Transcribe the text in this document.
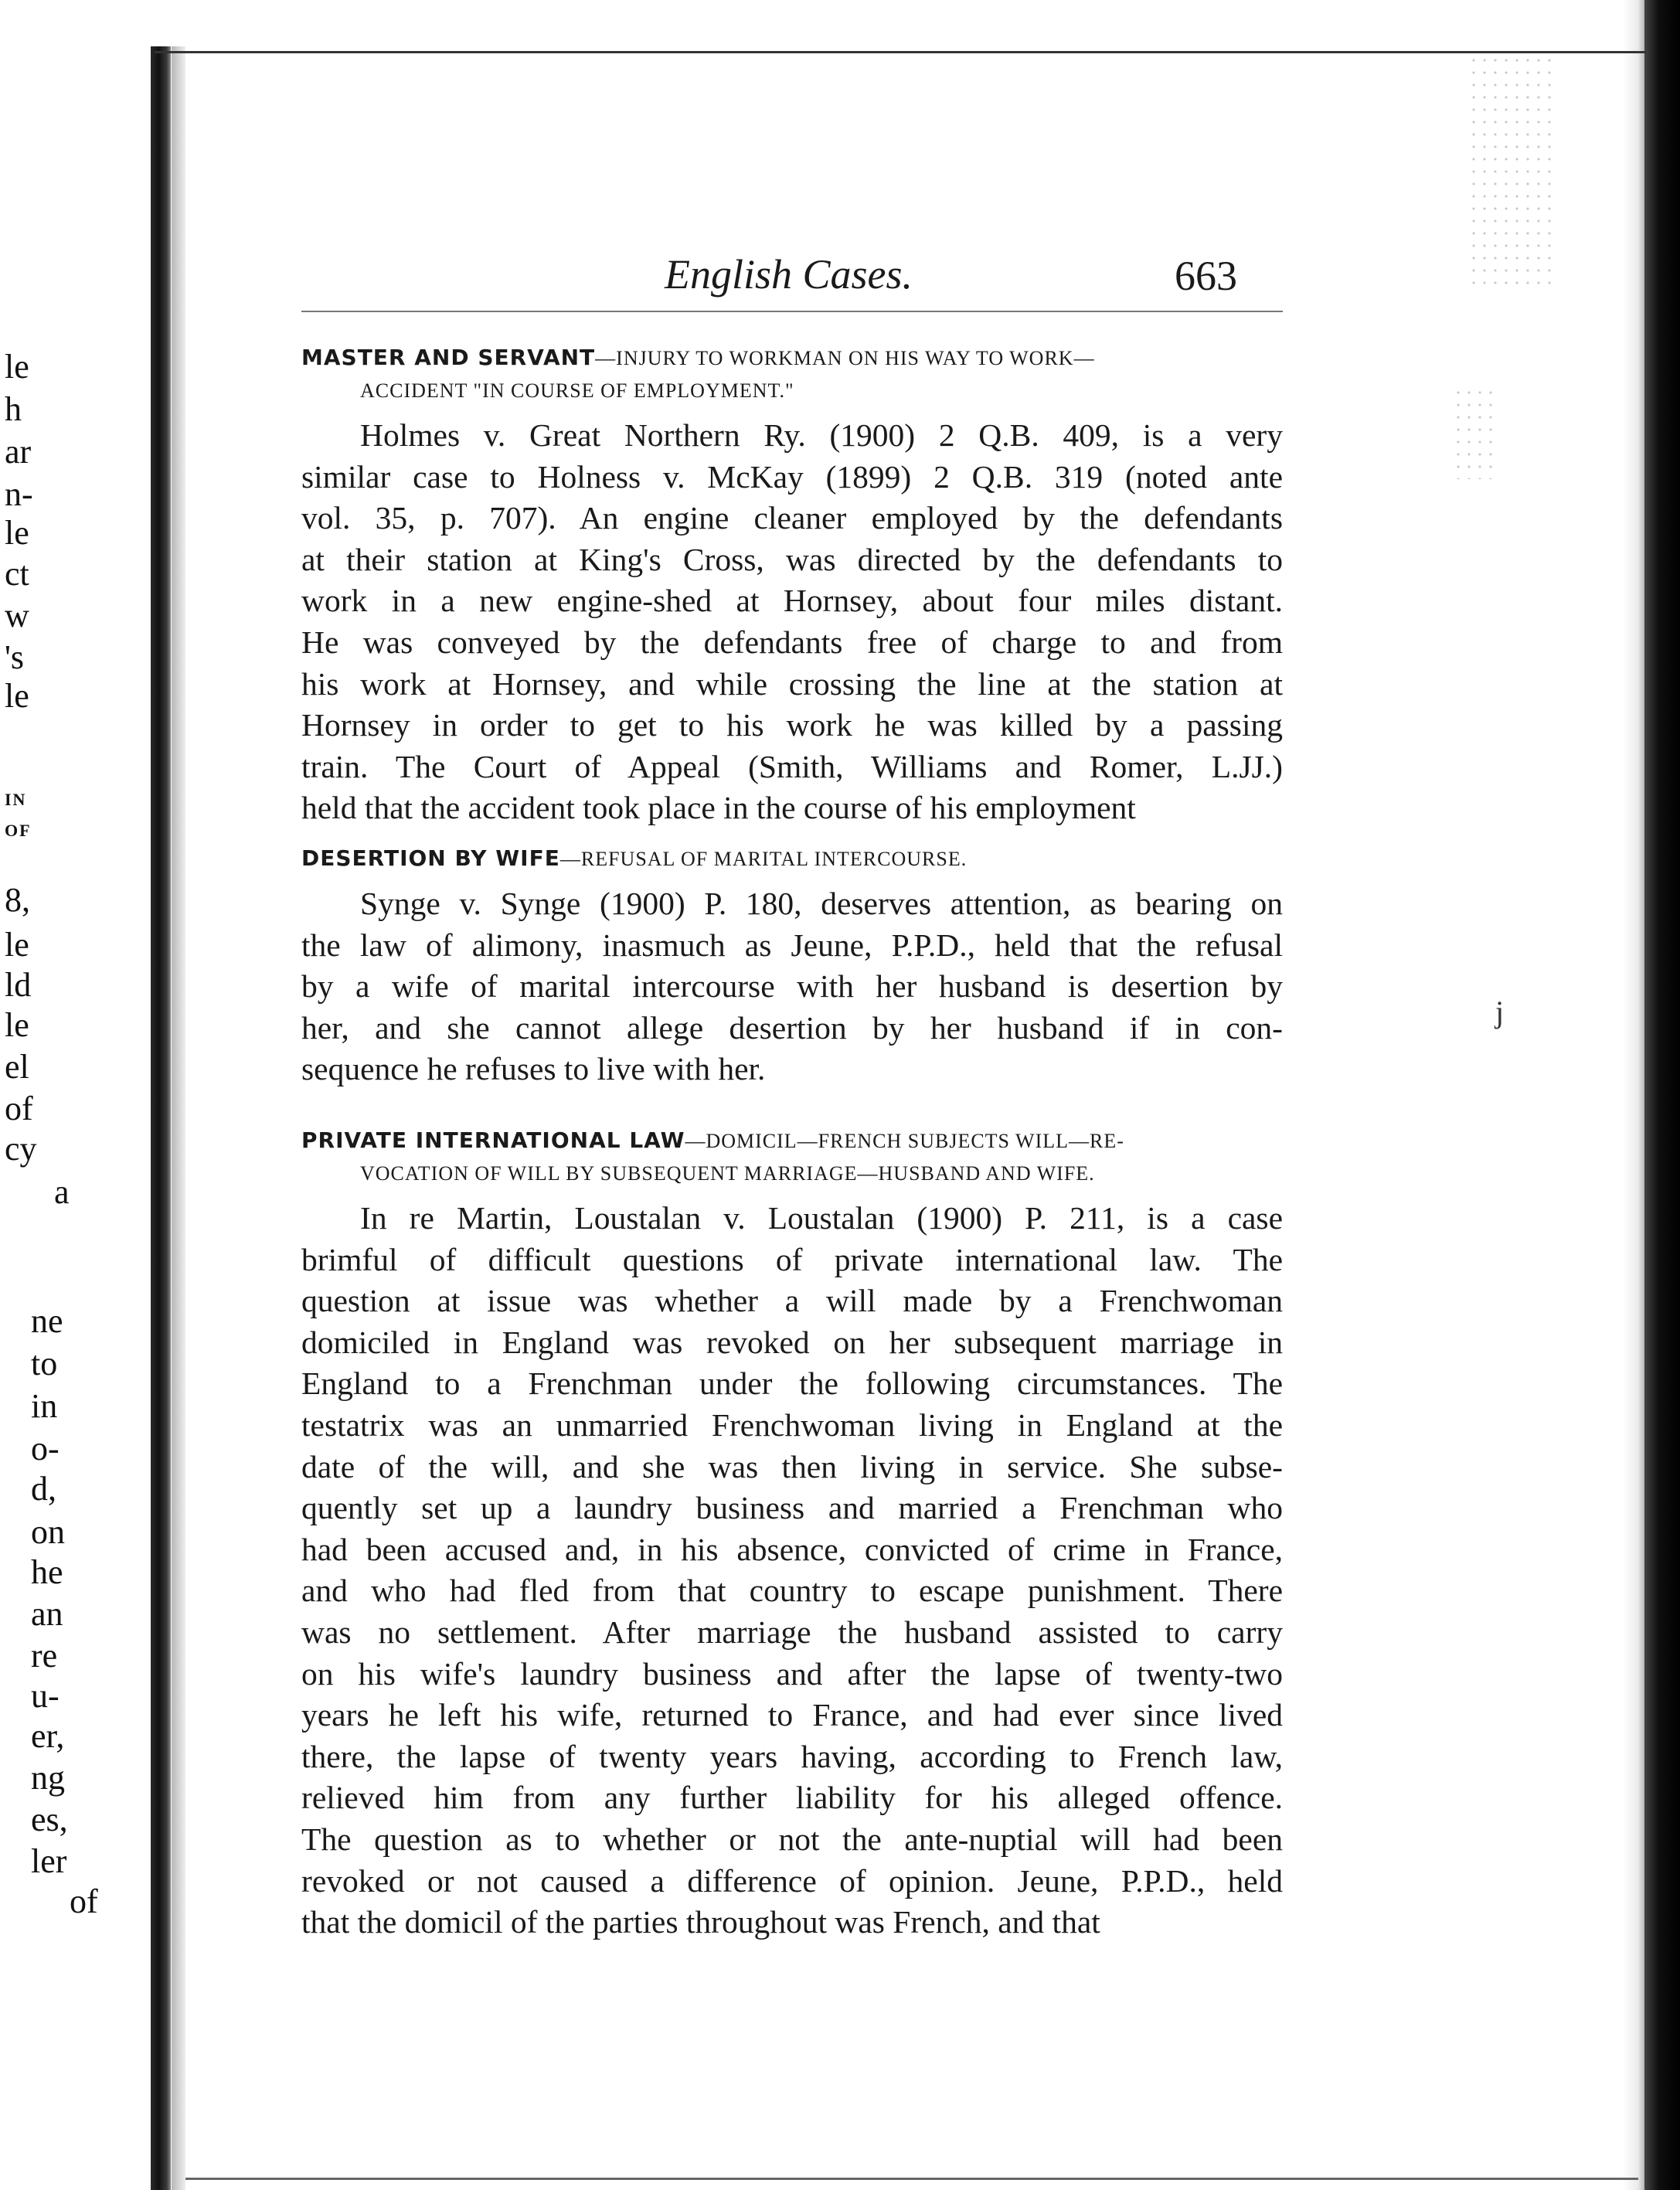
le
h
ar
n-
le
ct
w
's
le
IN
OF
8,
le
ld
le
el
of
cy
a
ne
to
in
o-
d,
on
he
an
re
u-
er,
ng
es,
ler
of
English Cases.	663
MASTER AND SERVANT—INJURY TO WORKMAN ON HIS WAY TO WORK—
ACCIDENT "IN COURSE OF EMPLOYMENT."
Holmes v. Great Northern Ry. (1900) 2 Q.B. 409, is a very
similar case to Holness v. McKay (1899) 2 Q.B. 319 (noted ante
vol. 35, p. 707). An engine cleaner employed by the defendants
at their station at King's Cross, was directed by the defendants to
work in a new engine-shed at Hornsey, about four miles distant.
He was conveyed by the defendants free of charge to and from
his work at Hornsey, and while crossing the line at the station at
Hornsey in order to get to his work he was killed by a passing
train. The Court of Appeal (Smith, Williams and Romer, L.JJ.)
held that the accident took place in the course of his employment
DESERTION BY WIFE—REFUSAL OF MARITAL INTERCOURSE.
Synge v. Synge (1900) P. 180, deserves attention, as bearing on
the law of alimony, inasmuch as Jeune, P.P.D., held that the refusal
by a wife of marital intercourse with her husband is desertion by
her, and she cannot allege desertion by her husband if in con-
sequence he refuses to live with her.
PRIVATE INTERNATIONAL LAW—DOMICIL—FRENCH SUBJECTS WILL—RE-
VOCATION OF WILL BY SUBSEQUENT MARRIAGE—HUSBAND AND WIFE.
In re Martin, Loustalan v. Loustalan (1900) P. 211, is a case
brimful of difficult questions of private international law. The
question at issue was whether a will made by a Frenchwoman
domiciled in England was revoked on her subsequent marriage in
England to a Frenchman under the following circumstances. The
testatrix was an unmarried Frenchwoman living in England at the
date of the will, and she was then living in service. She subse-
quently set up a laundry business and married a Frenchman who
had been accused and, in his absence, convicted of crime in France,
and who had fled from that country to escape punishment. There
was no settlement. After marriage the husband assisted to carry
on his wife's laundry business and after the lapse of twenty-two
years he left his wife, returned to France, and had ever since lived
there, the lapse of twenty years having, according to French law,
relieved him from any further liability for his alleged offence.
The question as to whether or not the ante-nuptial will had been
revoked or not caused a difference of opinion. Jeune, P.P.D., held
that the domicil of the parties throughout was French, and that
j
